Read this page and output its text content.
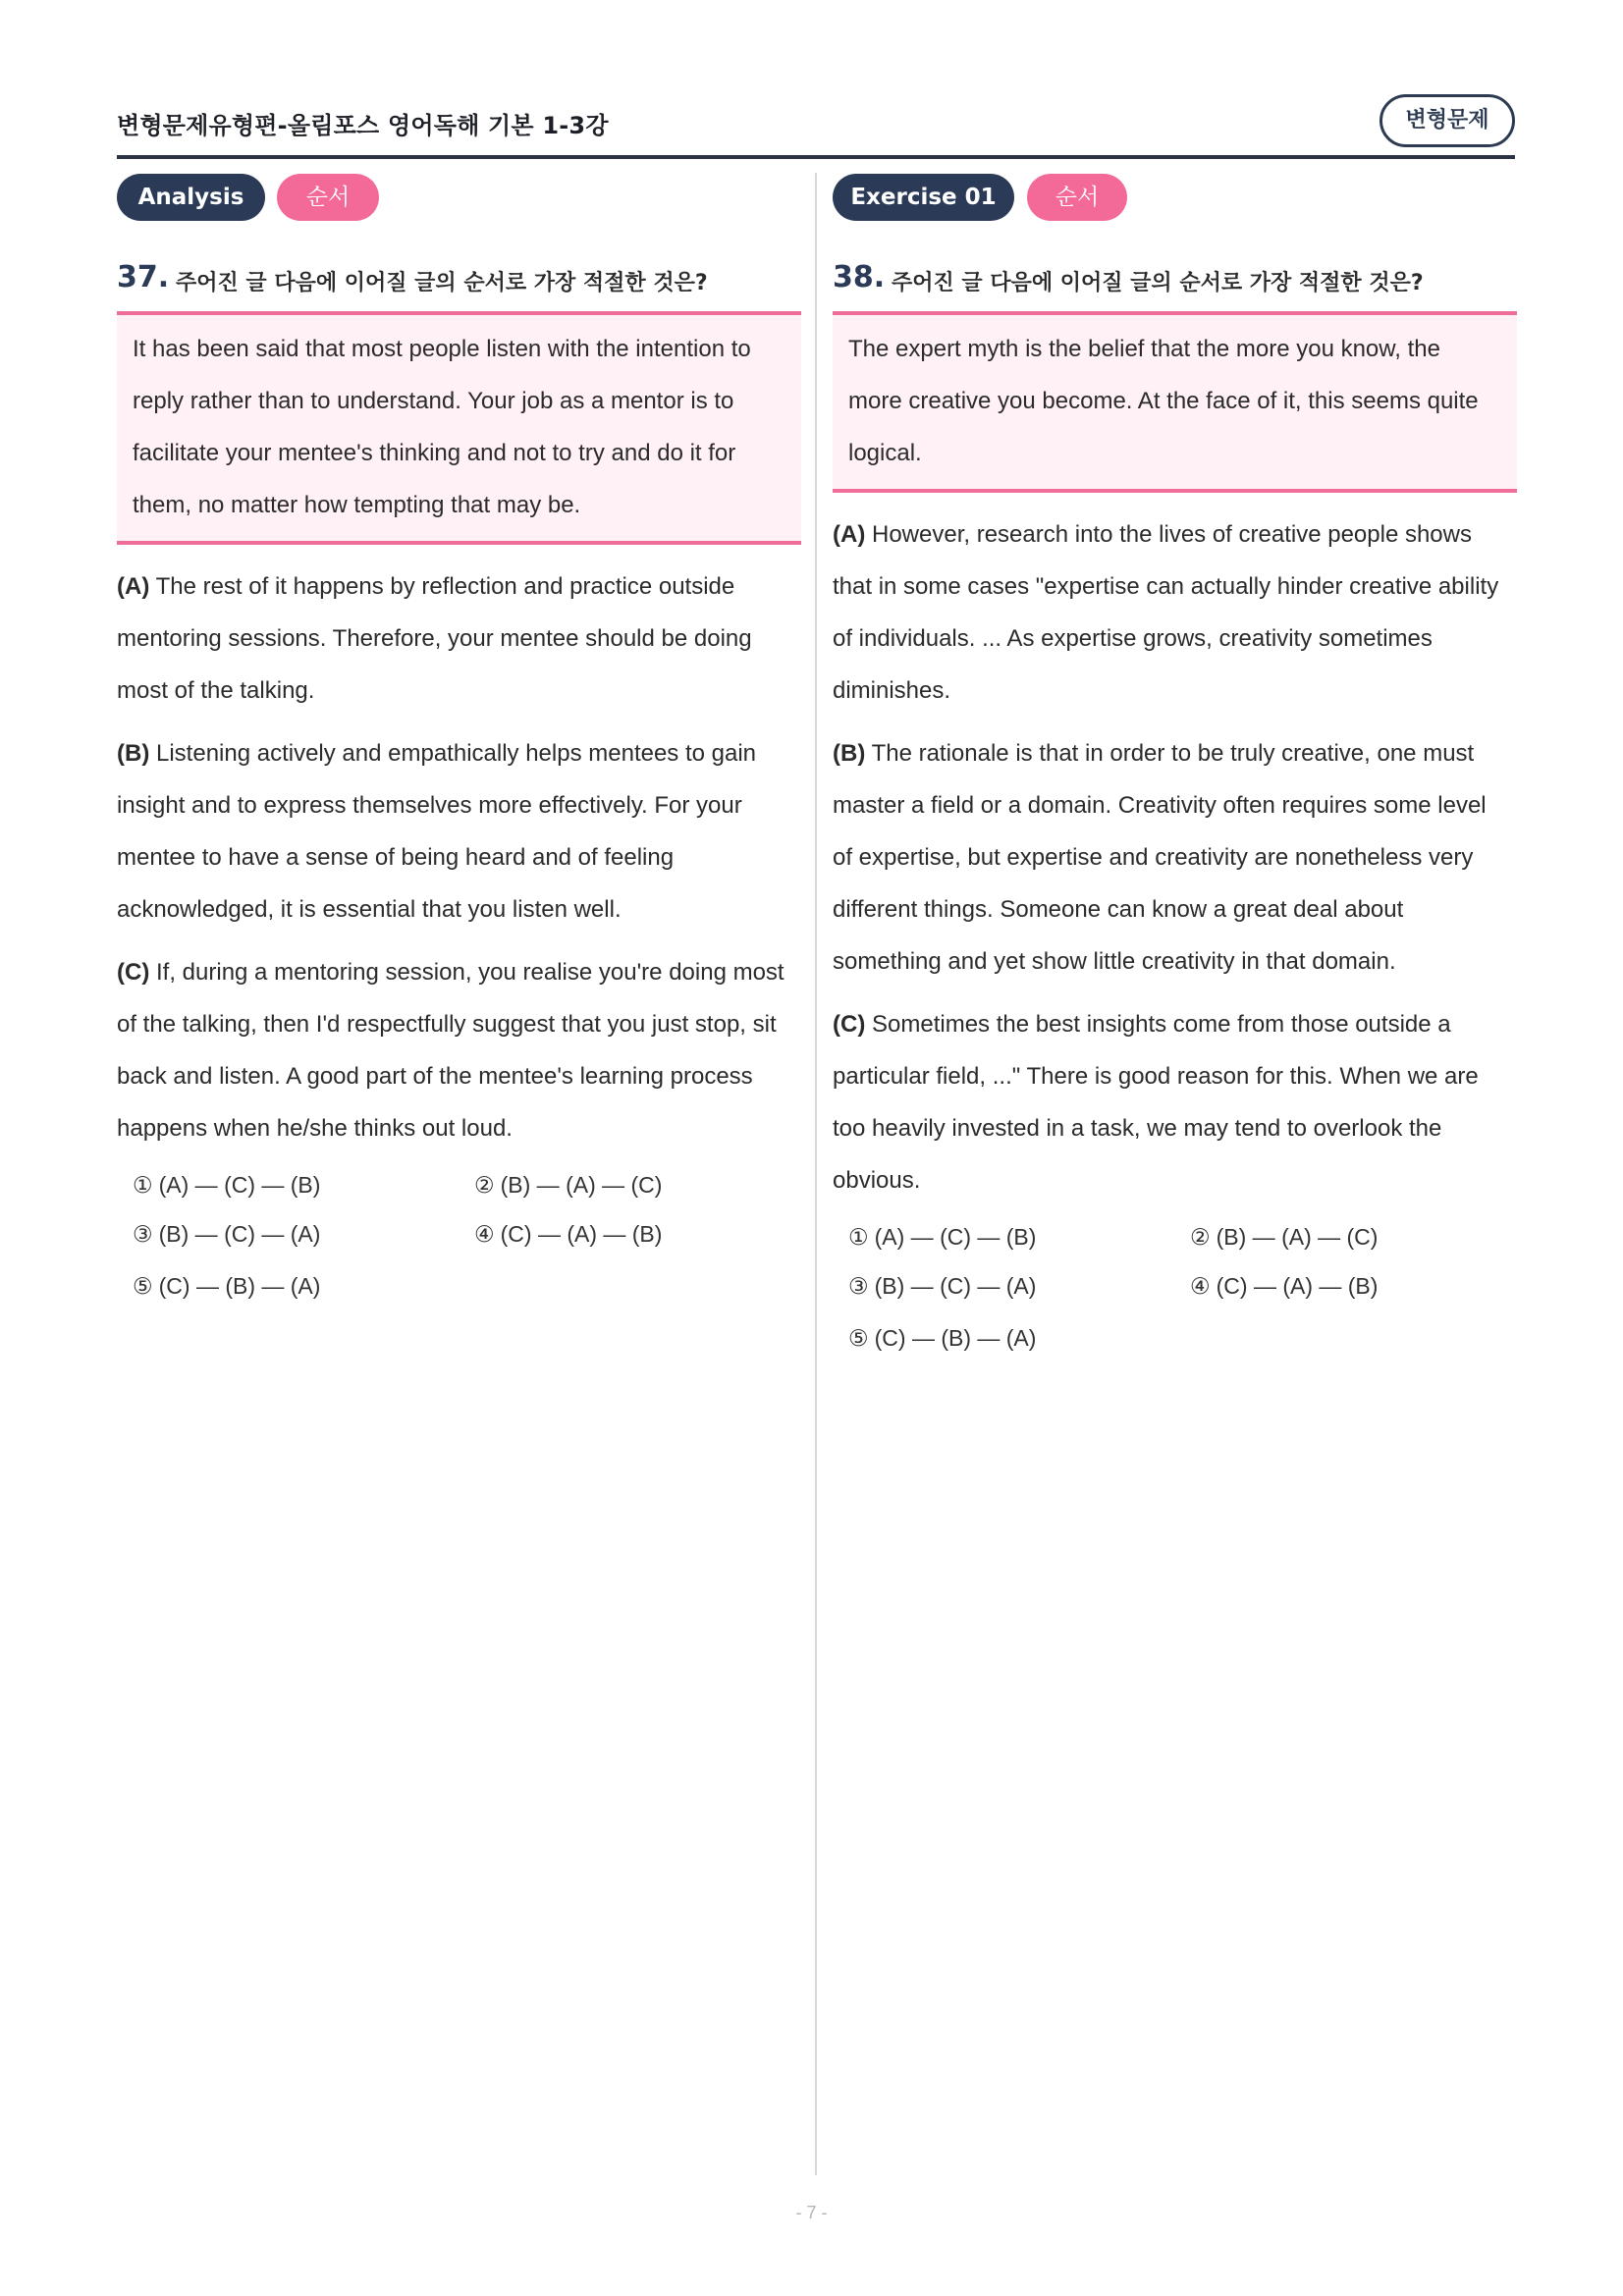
변형문제유형편-올림포스 영어독해 기본 1-3강	변형문제
Analysis	순서
37. 주어진 글 다음에 이어질 글의 순서로 가장 적절한 것은?

It has been said that most people listen with the intention to

reply rather than to understand. Your job as a mentor is to

facilitate your mentee's thinking and not to try and do it for

them, no matter how tempting that may be.

(A) The rest of it happens by reflection and practice outside
mentoring sessions. Therefore, your mentee should be doing
most of the talking.
(B) Listening actively and empathically helps mentees to gain
insight and to express themselves more effectively. For your
mentee to have a sense of being heard and of feeling
acknowledged, it is essential that you listen well.
(C) If, during a mentoring session, you realise you're doing most
of the talking, then I'd respectfully suggest that you just stop, sit
back and listen. A good part of the mentee's learning process
happens when he/she thinks out loud.
① (A) — (C) — (B)	② (B) — (A) — (C)
③ (B) — (C) — (A)	④ (C) — (A) — (B)
⑤ (C) — (B) — (A)
Exercise 01	순서
38. 주어진 글 다음에 이어질 글의 순서로 가장 적절한 것은?

The expert myth is the belief that the more you know, the

more creative you become. At the face of it, this seems quite

logical.

(A) However, research into the lives of creative people shows
that in some cases "expertise can actually hinder creative ability
of individuals. ... As expertise grows, creativity sometimes
diminishes.
(B) The rationale is that in order to be truly creative, one must
master a field or a domain. Creativity often requires some level
of expertise, but expertise and creativity are nonetheless very
different things. Someone can know a great deal about
something and yet show little creativity in that domain.
(C) Sometimes the best insights come from those outside a
particular field, ..." There is good reason for this. When we are
too heavily invested in a task, we may tend to overlook the
obvious.
① (A) — (C) — (B)	② (B) — (A) — (C)
③ (B) — (C) — (A)	④ (C) — (A) — (B)
⑤ (C) — (B) — (A)
- 7 -
